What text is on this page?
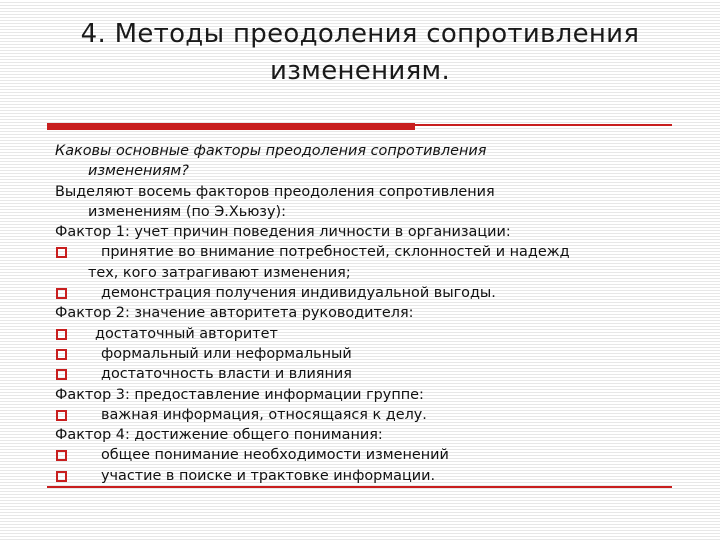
4. Методы преодоления сопротивления
изменениям.
Каковы основные факторы преодоления сопротивления
изменениям?
Выделяют восемь факторов преодоления сопротивления
изменениям (по Э.Хьюзу):
Фактор 1: учет причин поведения личности в организации:
принятие во внимание потребностей, склонностей и надежд
тех, кого затрагивают изменения;
демонстрация получения индивидуальной выгоды.
Фактор 2: значение авторитета руководителя:
достаточный авторитет
формальный или неформальный
достаточность власти и влияния
Фактор 3: предоставление информации группе:
важная информация, относящаяся к делу.
Фактор 4: достижение общего понимания:
общее понимание необходимости изменений
участие в поиске и трактовке информации.
